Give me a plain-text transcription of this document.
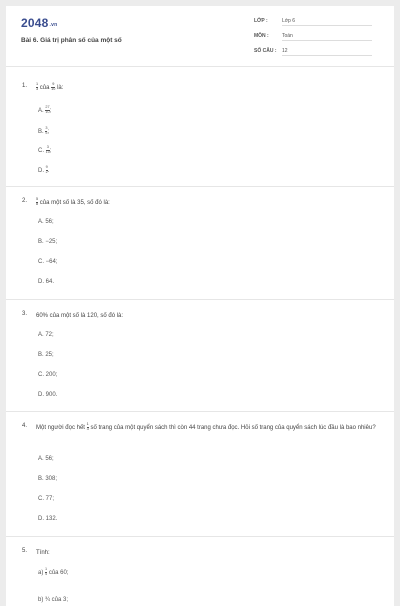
2048.vn
Bài 6. Giá trị phân số của một số
LỚP :	Lớp 6
MÔN :	Toán
SỐ CÂU : 12
1. $\frac{1}{3}$ của $\frac{9}{10}$ là:
A. $\frac{27}{10}$ ;
B. $\frac{3}{5}$ ;
C. $\frac{3}{10}$ ;
D. $\frac{9}{2}$ .
2. $\frac{5}{8}$ của một số là 35, số đó là:
A. 56;
B. −25;
C. −64;
D. 64.
3. 60% của một số là 120, số đó là:
A. 72;
B. 25;
C. 200;
D. 900.
4. Một người đọc hết $\frac{1}{3}$ số trang của một quyển sách thì còn 44 trang chưa đọc. Hỏi số trang của quyển sách lúc đầu là bao nhiêu?
A. 56;
B. 308;
C. 77;
D. 132.
5. Tính:
$a) \frac{1}{4}$ của 60;
b) ¾ của 3;
